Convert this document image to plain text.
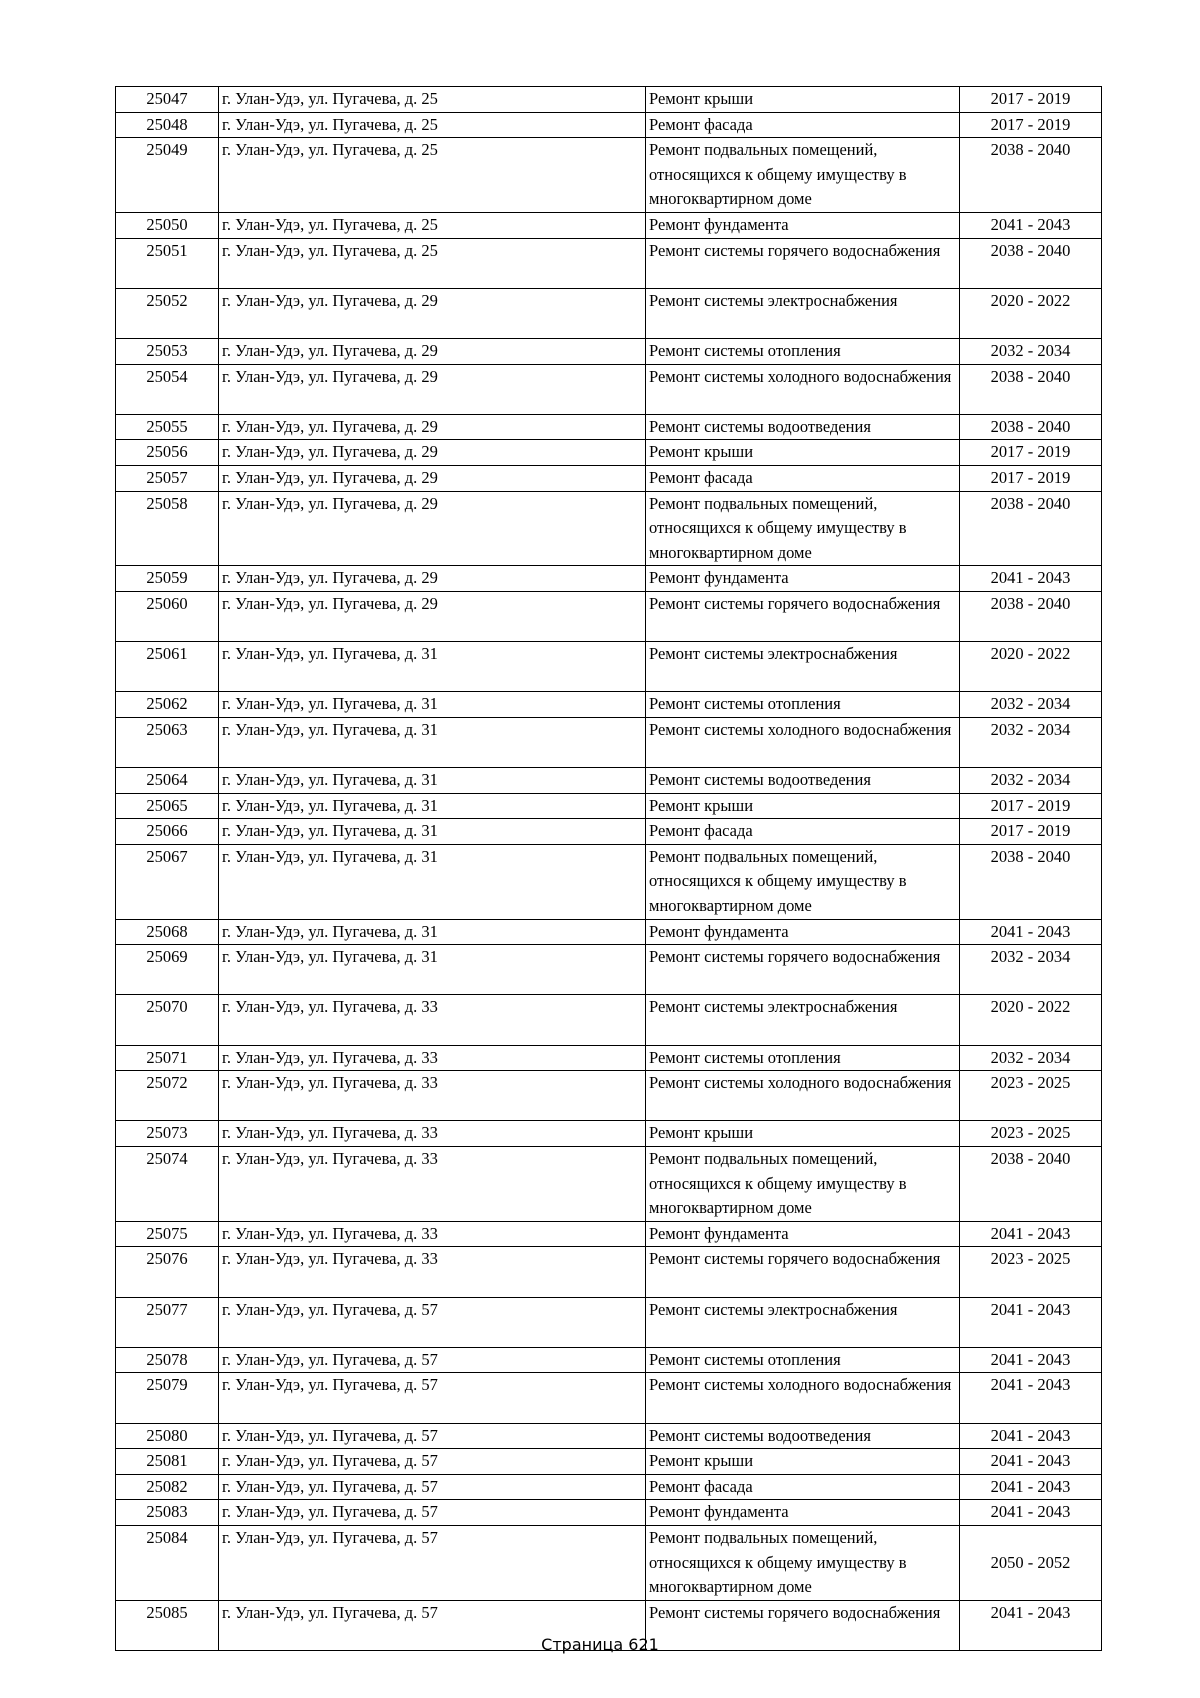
25047	г. Улан-Удэ, ул. Пугачева, д. 25	Ремонт крыши	2017 - 2019
25048	г. Улан-Удэ, ул. Пугачева, д. 25	Ремонт фасада	2017 - 2019
25049	г. Улан-Удэ, ул. Пугачева, д. 25	Ремонт подвальных помещений, относящихся к общему имуществу в многоквартирном доме	2038 - 2040
25050	г. Улан-Удэ, ул. Пугачева, д. 25	Ремонт фундамента	2041 - 2043
25051	г. Улан-Удэ, ул. Пугачева, д. 25	Ремонт системы горячего водоснабжения	2038 - 2040
25052	г. Улан-Удэ, ул. Пугачева, д. 29	Ремонт системы электроснабжения	2020 - 2022
25053	г. Улан-Удэ, ул. Пугачева, д. 29	Ремонт системы отопления	2032 - 2034
25054	г. Улан-Удэ, ул. Пугачева, д. 29	Ремонт системы холодного водоснабжения	2038 - 2040
25055	г. Улан-Удэ, ул. Пугачева, д. 29	Ремонт системы водоотведения	2038 - 2040
25056	г. Улан-Удэ, ул. Пугачева, д. 29	Ремонт крыши	2017 - 2019
25057	г. Улан-Удэ, ул. Пугачева, д. 29	Ремонт фасада	2017 - 2019
25058	г. Улан-Удэ, ул. Пугачева, д. 29	Ремонт подвальных помещений, относящихся к общему имуществу в многоквартирном доме	2038 - 2040
25059	г. Улан-Удэ, ул. Пугачева, д. 29	Ремонт фундамента	2041 - 2043
25060	г. Улан-Удэ, ул. Пугачева, д. 29	Ремонт системы горячего водоснабжения	2038 - 2040
25061	г. Улан-Удэ, ул. Пугачева, д. 31	Ремонт системы электроснабжения	2020 - 2022
25062	г. Улан-Удэ, ул. Пугачева, д. 31	Ремонт системы отопления	2032 - 2034
25063	г. Улан-Удэ, ул. Пугачева, д. 31	Ремонт системы холодного водоснабжения	2032 - 2034
25064	г. Улан-Удэ, ул. Пугачева, д. 31	Ремонт системы водоотведения	2032 - 2034
25065	г. Улан-Удэ, ул. Пугачева, д. 31	Ремонт крыши	2017 - 2019
25066	г. Улан-Удэ, ул. Пугачева, д. 31	Ремонт фасада	2017 - 2019
25067	г. Улан-Удэ, ул. Пугачева, д. 31	Ремонт подвальных помещений, относящихся к общему имуществу в многоквартирном доме	2038 - 2040
25068	г. Улан-Удэ, ул. Пугачева, д. 31	Ремонт фундамента	2041 - 2043
25069	г. Улан-Удэ, ул. Пугачева, д. 31	Ремонт системы горячего водоснабжения	2032 - 2034
25070	г. Улан-Удэ, ул. Пугачева, д. 33	Ремонт системы электроснабжения	2020 - 2022
25071	г. Улан-Удэ, ул. Пугачева, д. 33	Ремонт системы отопления	2032 - 2034
25072	г. Улан-Удэ, ул. Пугачева, д. 33	Ремонт системы холодного водоснабжения	2023 - 2025
25073	г. Улан-Удэ, ул. Пугачева, д. 33	Ремонт крыши	2023 - 2025
25074	г. Улан-Удэ, ул. Пугачева, д. 33	Ремонт подвальных помещений, относящихся к общему имуществу в многоквартирном доме	2038 - 2040
25075	г. Улан-Удэ, ул. Пугачева, д. 33	Ремонт фундамента	2041 - 2043
25076	г. Улан-Удэ, ул. Пугачева, д. 33	Ремонт системы горячего водоснабжения	2023 - 2025
25077	г. Улан-Удэ, ул. Пугачева, д. 57	Ремонт системы электроснабжения	2041 - 2043
25078	г. Улан-Удэ, ул. Пугачева, д. 57	Ремонт системы отопления	2041 - 2043
25079	г. Улан-Удэ, ул. Пугачева, д. 57	Ремонт системы холодного водоснабжения	2041 - 2043
25080	г. Улан-Удэ, ул. Пугачева, д. 57	Ремонт системы водоотведения	2041 - 2043
25081	г. Улан-Удэ, ул. Пугачева, д. 57	Ремонт крыши	2041 - 2043
25082	г. Улан-Удэ, ул. Пугачева, д. 57	Ремонт фасада	2041 - 2043
25083	г. Улан-Удэ, ул. Пугачева, д. 57	Ремонт фундамента	2041 - 2043
25084	г. Улан-Удэ, ул. Пугачева, д. 57	Ремонт подвальных помещений, относящихся к общему имуществу в многоквартирном доме	2050 - 2052
25085	г. Улан-Удэ, ул. Пугачева, д. 57	Ремонт системы горячего водоснабжения	2041 - 2043
Страница 621
